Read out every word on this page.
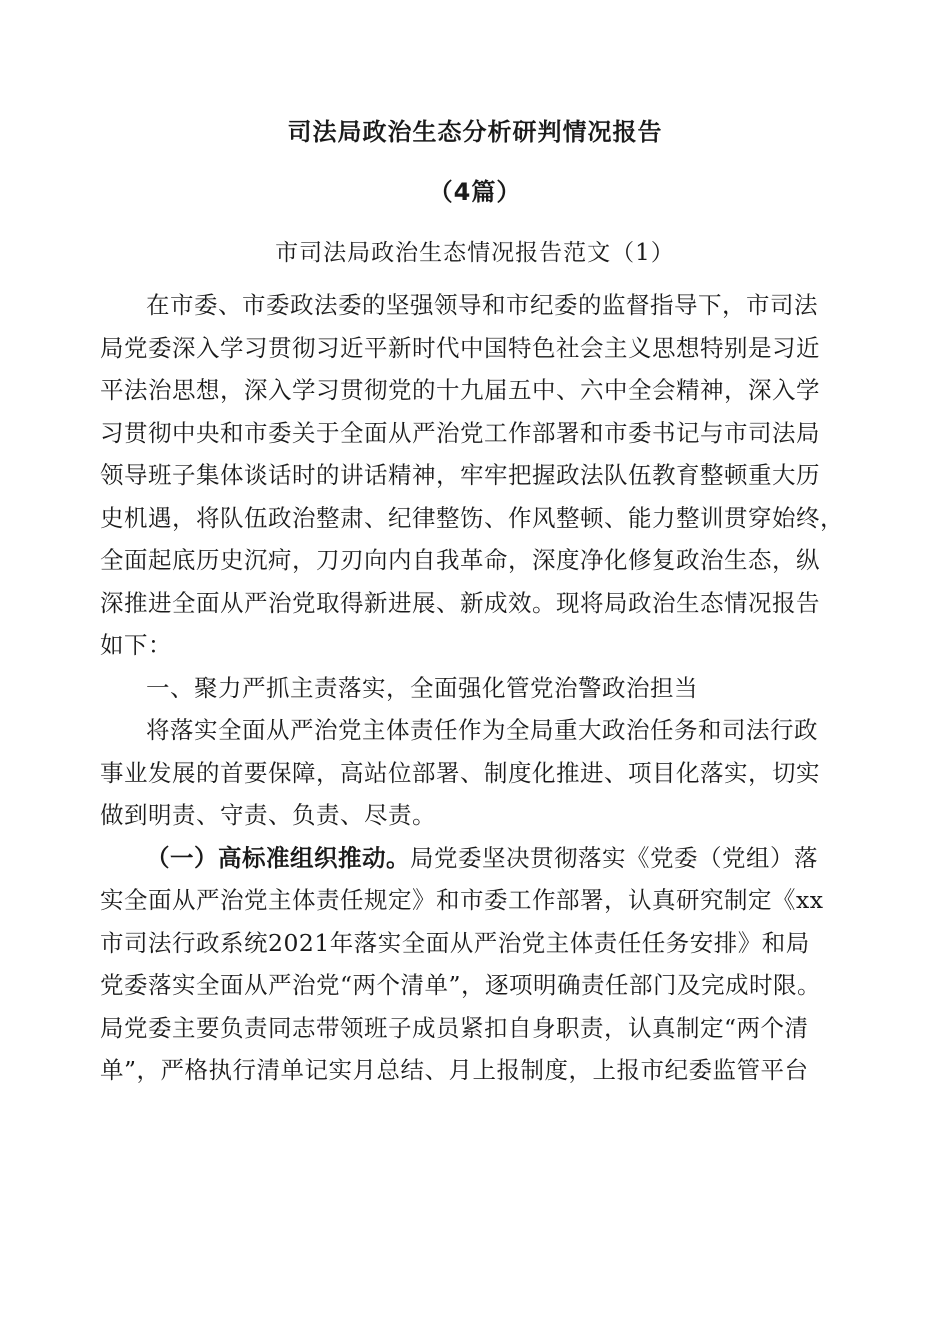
司法局政治生态分析研判情况报告
（4篇）
市司法局政治生态情况报告范文（1）
在市委、市委政法委的坚强领导和市纪委的监督指导下，市司法
局党委深入学习贯彻习近平新时代中国特色社会主义思想特别是习近
平法治思想，深入学习贯彻党的十九届五中、六中全会精神，深入学
习贯彻中央和市委关于全面从严治党工作部署和市委书记与市司法局
领导班子集体谈话时的讲话精神，牢牢把握政法队伍教育整顿重大历
史机遇，将队伍政治整肃、纪律整饬、作风整顿、能力整训贯穿始终，
全面起底历史沉疴，刀刃向内自我革命，深度净化修复政治生态，纵
深推进全面从严治党取得新进展、新成效。现将局政治生态情况报告
如下：
一、聚力严抓主责落实，全面强化管党治警政治担当
将落实全面从严治党主体责任作为全局重大政治任务和司法行政
事业发展的首要保障，高站位部署、制度化推进、项目化落实，切实
做到明责、守责、负责、尽责。
（一）高标准组织推动。局党委坚决贯彻落实《党委（党组）落
实全面从严治党主体责任规定》和市委工作部署，认真研究制定《xx
市司法行政系统2021年落实全面从严治党主体责任任务安排》和局
党委落实全面从严治党“两个清单”，逐项明确责任部门及完成时限。
局党委主要负责同志带领班子成员紧扣自身职责，认真制定“两个清
单”，严格执行清单记实月总结、月上报制度，上报市纪委监管平台
